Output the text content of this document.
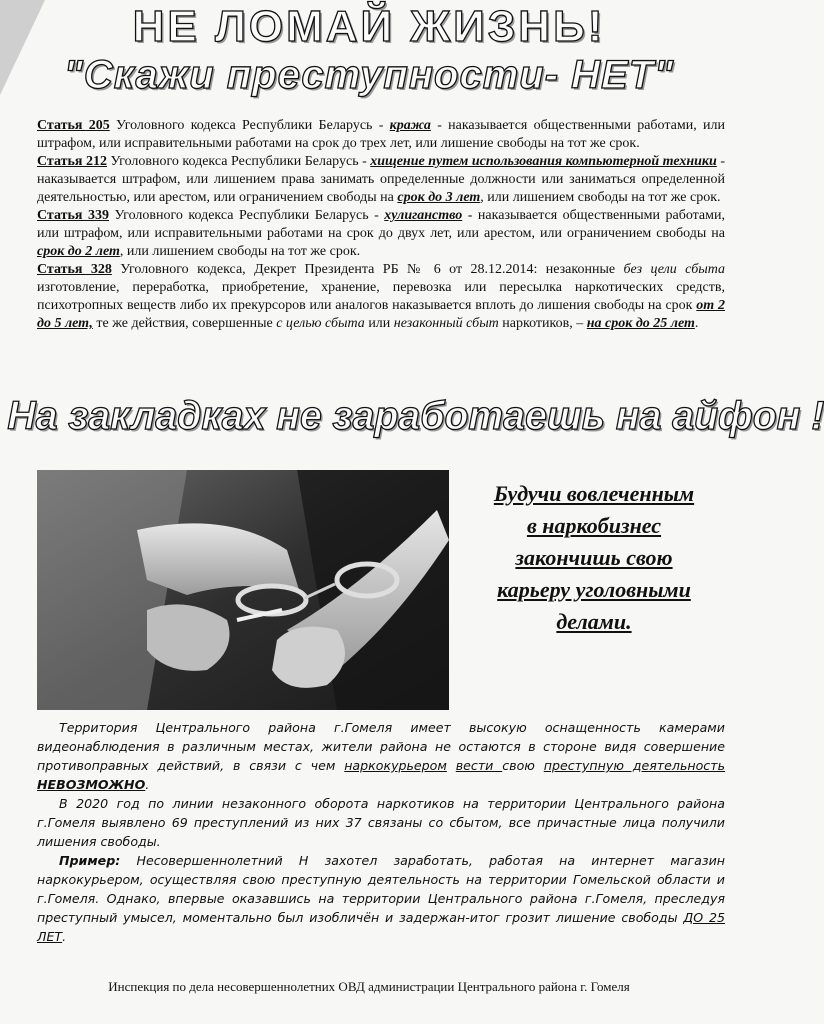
НЕ ЛОМАЙ ЖИЗНЬ!
"Скажи преступности- НЕТ"

Статья 205 Уголовного кодекса Республики Беларусь - кража - наказывается общественными работами, или штрафом, или исправительными работами на срок до трех лет, или лишение свободы на тот же срок.

Статья 212 Уголовного кодекса Республики Беларусь - хищение путем использования компьютерной техники - наказывается штрафом, или лишением права занимать определенные должности или заниматься определенной деятельностью, или арестом, или ограничением свободы на срок до 3 лет, или лишением свободы на тот же срок.

Статья 339 Уголовного кодекса Республики Беларусь - хулиганство - наказывается общественными работами, или штрафом, или исправительными работами на срок до двух лет, или арестом, или ограничением свободы на срок до 2 лет, или лишением свободы на тот же срок.

Статья 328 Уголовного кодекса, Декрет Президента РБ № 6 от 28.12.2014: незаконные без цели сбыта изготовление, переработка, приобретение, хранение, перевозка или пересылка наркотических средств, психотропных веществ либо их прекурсоров или аналогов наказывается вплоть до лишения свободы на срок от 2 до 5 лет, те же действия, совершенные с целью сбыта или незаконный сбыт наркотиков, – на срок до 25 лет.

На закладках не заработаешь на айфон !
Будучи вовлеченным
в наркобизнес
закончишь свою
карьеру уголовными
делами.

Территория Центрального района г.Гомеля имеет высокую оснащенность камерами видеонаблюдения в различным местах, жители района не остаются в стороне видя совершение противоправных действий, в связи с чем наркокурьером вести свою преступную деятельность НЕВОЗМОЖНО.

В 2020 год по линии незаконного оборота наркотиков на территории Центрального района г.Гомеля выявлено 69 преступлений из них 37 связаны со сбытом, все причастные лица получили лишения свободы.

Пример: Несовершеннолетний Н захотел заработать, работая на интернет магазин наркокурьером, осуществляя свою преступную деятельность на территории Гомельской области и г.Гомеля. Однако, впервые оказавшись на территории Центрального района г.Гомеля, преследуя преступный умысел, моментально был изобличён и задержан-итог грозит лишение свободы ДО 25 ЛЕТ.

Инспекция по дела несовершеннолетних ОВД администрации Центрального района г. Гомеля
